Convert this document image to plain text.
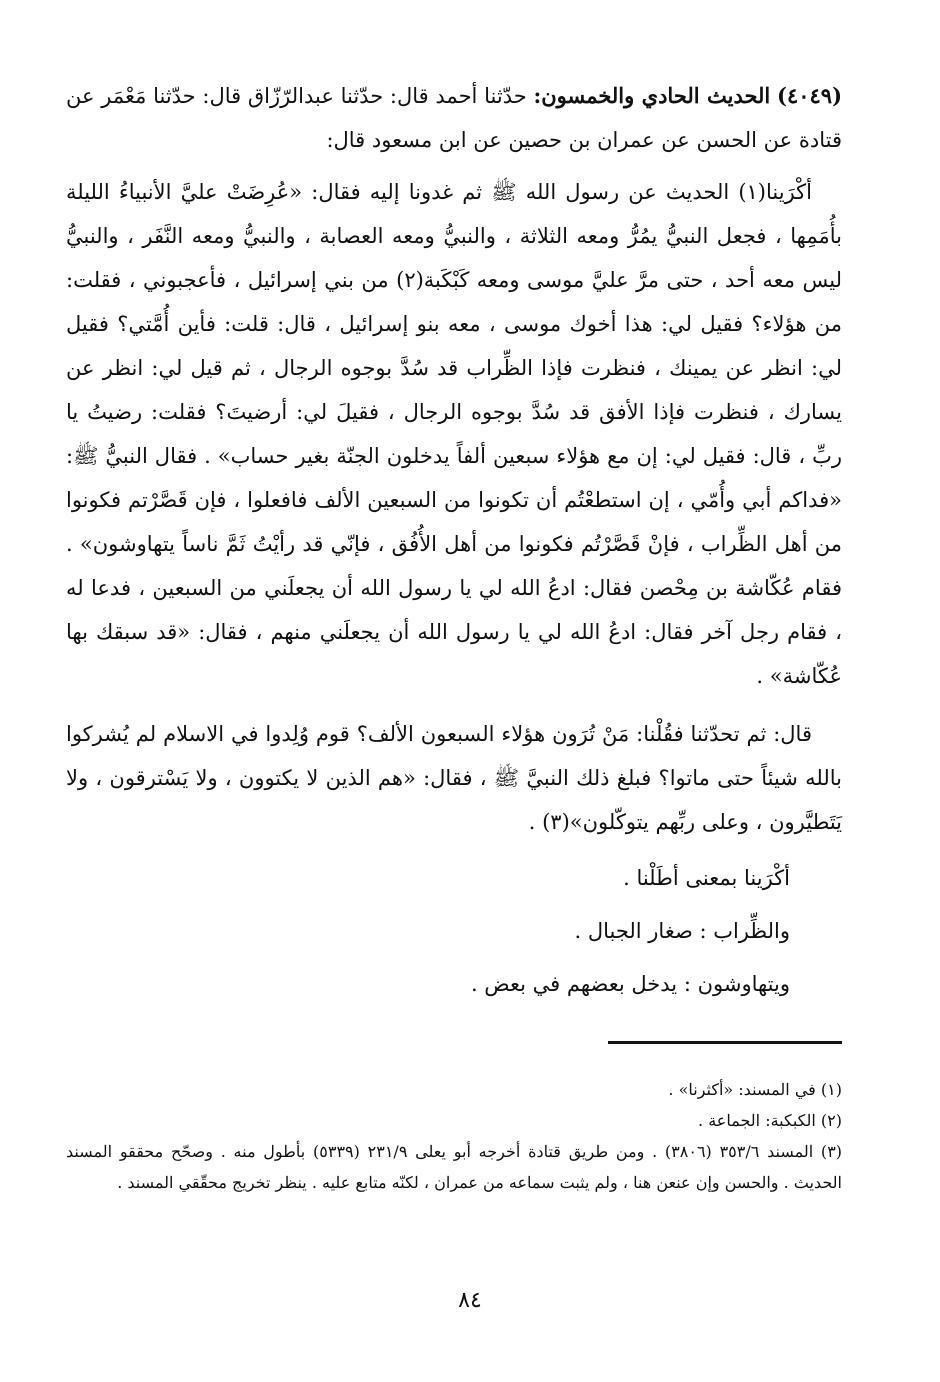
(٤٠٤٩) الحديث الحادي والخمسون: حدّثنا أحمد قال: حدّثنا عبدالرّزّاق قال: حدّثنا مَعْمَر عن قتادة عن الحسن عن عمران بن حصين عن ابن مسعود قال:

أكْرَينا(١) الحديث عن رسول الله ﷺ ثم غدونا إليه فقال: «عُرِضَتْ عليَّ الأنبياءُ الليلة بأُمَمِها ، فجعل النبيُّ يمُرُّ ومعه الثلاثة ، والنبيُّ ومعه العصابة ، والنبيُّ ومعه النَّفَر ، والنبيُّ ليس معه أحد ، حتى مرَّ عليَّ موسى ومعه كَبْكَبة(٢) من بني إسرائيل ، فأعجبوني ، فقلت: من هؤلاء؟ فقيل لي: هذا أخوك موسى ، معه بنو إسرائيل ، قال: قلت: فأين أُمَّتي؟ فقيل لي: انظر عن يمينك ، فنظرت فإذا الظِّراب قد سُدَّ بوجوه الرجال ، ثم قيل لي: انظر عن يسارك ، فنظرت فإذا الأفق قد سُدَّ بوجوه الرجال ، فقيلَ لي: أرضيتَ؟ فقلت: رضيتُ يا ربِّ ، قال: فقيل لي: إن مع هؤلاء سبعين ألفاً يدخلون الجنّة بغير حساب» . فقال النبيُّ ﷺ: «فداكم أبي وأُمّي ، إن استطعْتُم أن تكونوا من السبعين الألف فافعلوا ، فإن قَصَّرْتم فكونوا من أهل الظِّراب ، فإنْ قَصَّرْتُم فكونوا من أهل الأُفُق ، فإنّي قد رأيْتُ ثَمَّ ناساً يتهاوشون» . فقام عُكّاشة بن مِحْصن فقال: ادعُ الله لي يا رسول الله أن يجعلَني من السبعين ، فدعا له ، فقام رجل آخر فقال: ادعُ الله لي يا رسول الله أن يجعلَني منهم ، فقال: «قد سبقك بها عُكّاشة» .

قال: ثم تحدّثنا فقُلْنا: مَنْ تُرَون هؤلاء السبعون الألف؟ قوم وُلِدوا في الاسلام لم يُشركوا بالله شيئاً حتى ماتوا؟ فبلغ ذلك النبيَّ ﷺ ، فقال: «هم الذين لا يكتوون ، ولا يَسْترقون ، ولا يَتَطيَّرون ، وعلى ربِّهم يتوكّلون»(٣) .

أكْرَينا بمعنى أطَلْنا .

والظِّراب : صغار الجبال .

ويتهاوشون : يدخل بعضهم في بعض .

(١) في المسند: «أكثرنا» .

(٢) الكبكبة: الجماعة .

(٣) المسند ٣٥٣/٦ (٣٨٠٦) . ومن طريق قتادة أخرجه أبو يعلى ٢٣١/٩ (٥٣٣٩) بأطول منه . وصحّح محققو المسند الحديث . والحسن وإن عنعن هنا ، ولم يثبت سماعه من عمران ، لكنّه متابع عليه . ينظر تخريج محقّقي المسند .

٨٤
